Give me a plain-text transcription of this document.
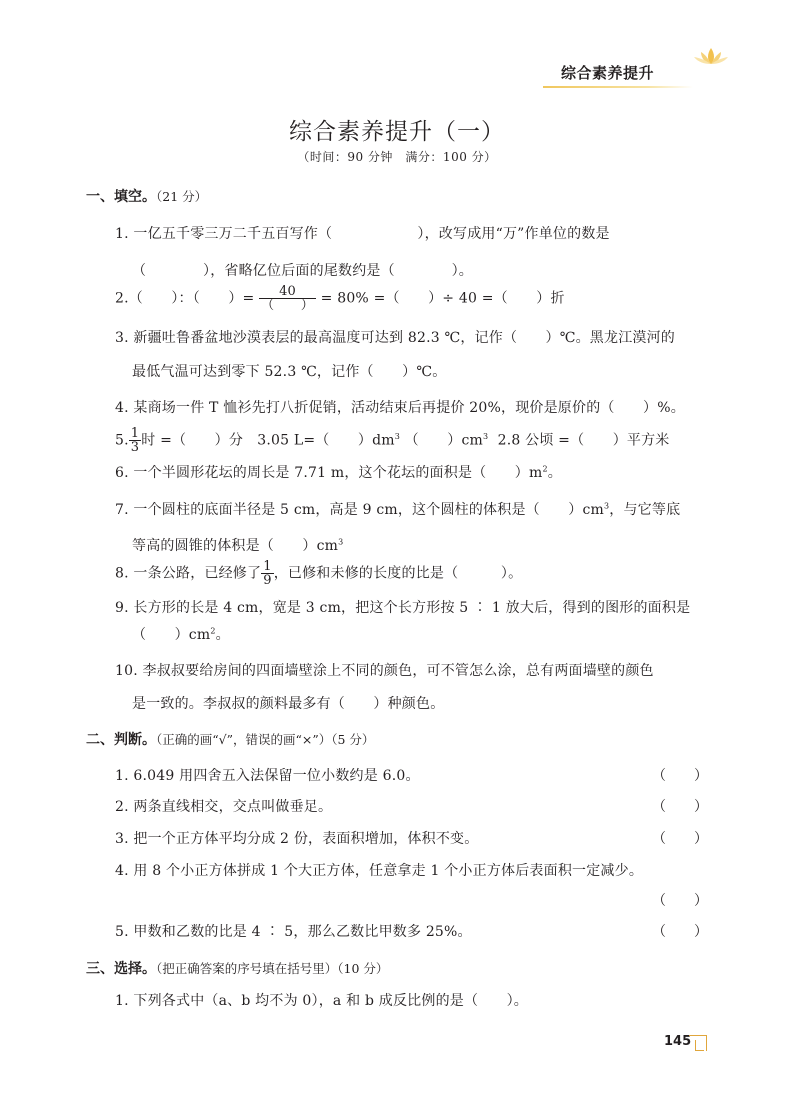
综合素养提升
综合素养提升（一）
（时间：90 分钟　满分：100 分）
一、填空。（21 分）
1. 一亿五千零三万二千五百写作（　　　　　　），改写成用“万”作单位的数是
（　　　　），省略亿位后面的尾数约是（　　　　）。
2.（　　）：（　　）= $\frac{40}{( )} = 80\%$ =（　　）÷ 40 =（　　）折
3. 新疆吐鲁番盆地沙漠表层的最高温度可达到 82.3 ℃，记作（　　）℃。黑龙江漠河的
最低气温可达到零下 52.3 ℃，记作（　　）℃。
4. 某商场一件 T 恤衫先打八折促销，活动结束后再提价 20%，现价是原价的（　　）%。
5. $\frac{1}{3}$ 时 =（　　）分　3.05 L=（　　）$dm^3$ （　　）$cm^3$ 2.8 公顷 =（　　）平方米
6. 一个半圆形花坛的周长是 7.71 m，这个花坛的面积是（　　）$m^2$。
7. 一个圆柱的底面半径是 5 cm，高是 9 cm，这个圆柱的体积是（　　）$cm^3$，与它等底
等高的圆锥的体积是（　　）$cm^3$
8. 一条公路，已经修了 $\frac{1}{9}$ ，已修和未修的长度的比是（　　　）。
9. 长方形的长是 4 cm，宽是 3 cm，把这个长方形按 5 ∶ 1 放大后，得到的图形的面积是
（　　）$cm^2$。
10. 李叔叔要给房间的四面墙壁涂上不同的颜色，可不管怎么涂，总有两面墙壁的颜色
是一致的。李叔叔的颜料最多有（　　）种颜色。
二、判断。（正确的画“√”，错误的画“×”）（5 分）
1. 6.049 用四舍五入法保留一位小数约是 6.0。	（　　）
2. 两条直线相交，交点叫做垂足。	（　　）
3. 把一个正方体平均分成 2 份，表面积增加，体积不变。	（　　）
4. 用 8 个小正方体拼成 1 个大正方体，任意拿走 1 个小正方体后表面积一定减少。
（　　）
5. 甲数和乙数的比是 4 ∶ 5，那么乙数比甲数多 25%。	（　　）
三、选择。（把正确答案的序号填在括号里）（10 分）
1. 下列各式中（a、b 均不为 0），a 和 b 成反比例的是（　　）。
145
